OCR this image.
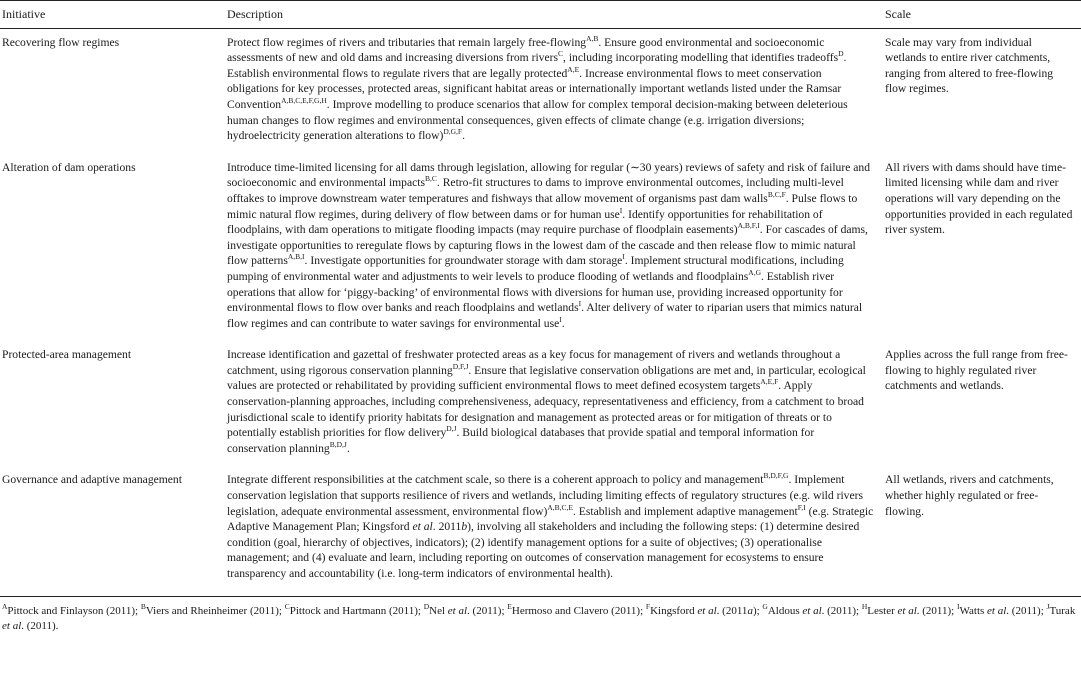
Initiative	Description	Scale
Recovering flow regimes	Protect flow regimes of rivers and tributaries that remain largely free-flowing$^{A,B}$. Ensure good environmental and socioeconomic assessments of new and old dams and increasing diversions from rivers$^C$, including incorporating modelling that identifies tradeoffs$^D$. Establish environmental flows to regulate rivers that are legally protected$^{A,E}$. Increase environmental flows to meet conservation obligations for key processes, protected areas, significant habitat areas or internationally important wetlands listed under the Ramsar Convention$^{A,B,C,E,F,G,H}$. Improve modelling to produce scenarios that allow for complex temporal decision-making between deleterious human changes to flow regimes and environmental consequences, given effects of climate change (e.g. irrigation diversions; hydroelectricity generation alterations to flow)$^{D,G,F}$.	Scale may vary from individual wetlands to entire river catchments, ranging from altered to free-flowing flow regimes.
Alteration of dam operations	Introduce time-limited licensing for all dams through legislation, allowing for regular (∼30 years) reviews of safety and risk of failure and socioeconomic and environmental impacts$^{B,C}$. Retro-fit structures to dams to improve environmental outcomes, including multi-level offtakes to improve downstream water temperatures and fishways that allow movement of organisms past dam walls$^{B,C,F}$. Pulse flows to mimic natural flow regimes, during delivery of flow between dams or for human use$^I$. Identify opportunities for rehabilitation of floodplains, with dam operations to mitigate flooding impacts (may require purchase of floodplain easements)$^{A,B,F,I}$. For cascades of dams, investigate opportunities to reregulate flows by capturing flows in the lowest dam of the cascade and then release flow to mimic natural flow patterns$^{A,B,I}$. Investigate opportunities for groundwater storage with dam storage$^I$. Implement structural modifications, including pumping of environmental water and adjustments to weir levels to produce flooding of wetlands and floodplains$^{A,G}$. Establish river operations that allow for ‘piggy-backing’ of environmental flows with diversions for human use, providing increased opportunity for environmental flows to flow over banks and reach floodplains and wetlands$^I$. Alter delivery of water to riparian users that mimics natural flow regimes and can contribute to water savings for environmental use$^I$.	All rivers with dams should have time-limited licensing while dam and river operations will vary depending on the opportunities provided in each regulated river system.
Protected-area management	Increase identification and gazettal of freshwater protected areas as a key focus for management of rivers and wetlands throughout a catchment, using rigorous conservation planning$^{D,F,J}$. Ensure that legislative conservation obligations are met and, in particular, ecological values are protected or rehabilitated by providing sufficient environmental flows to meet defined ecosystem targets$^{A,E,F}$. Apply conservation-planning approaches, including comprehensiveness, adequacy, representativeness and efficiency, from a catchment to broad jurisdictional scale to identify priority habitats for designation and management as protected areas or for mitigation of threats or to potentially establish priorities for flow delivery$^{D,J}$. Build biological databases that provide spatial and temporal information for conservation planning$^{B,D,J}$.	Applies across the full range from free-flowing to highly regulated river catchments and wetlands.
Governance and adaptive management	Integrate different responsibilities at the catchment scale, so there is a coherent approach to policy and management$^{B,D,F,G}$. Implement conservation legislation that supports resilience of rivers and wetlands, including limiting effects of regulatory structures (e.g. wild rivers legislation, adequate environmental assessment, environmental flow)$^{A,B,C,E}$. Establish and implement adaptive management$^{F,I}$ (e.g. Strategic Adaptive Management Plan; Kingsford et al. 2011b), involving all stakeholders and including the following steps: (1) determine desired condition (goal, hierarchy of objectives, indicators); (2) identify management options for a suite of objectives; (3) operationalise management; and (4) evaluate and learn, including reporting on outcomes of conservation management for ecosystems to ensure transparency and accountability (i.e. long-term indicators of environmental health).	All wetlands, rivers and catchments, whether highly regulated or free-flowing.
$^A$Pittock and Finlayson (2011); $^B$Viers and Rheinheimer (2011); $^C$Pittock and Hartmann (2011); $^D$Nel et al. (2011); $^E$Hermoso and Clavero (2011); $^F$Kingsford et al. (2011a); $^G$Aldous et al. (2011); $^H$Lester et al. (2011); $^I$Watts et al. (2011); $^J$Turak et al. (2011).
